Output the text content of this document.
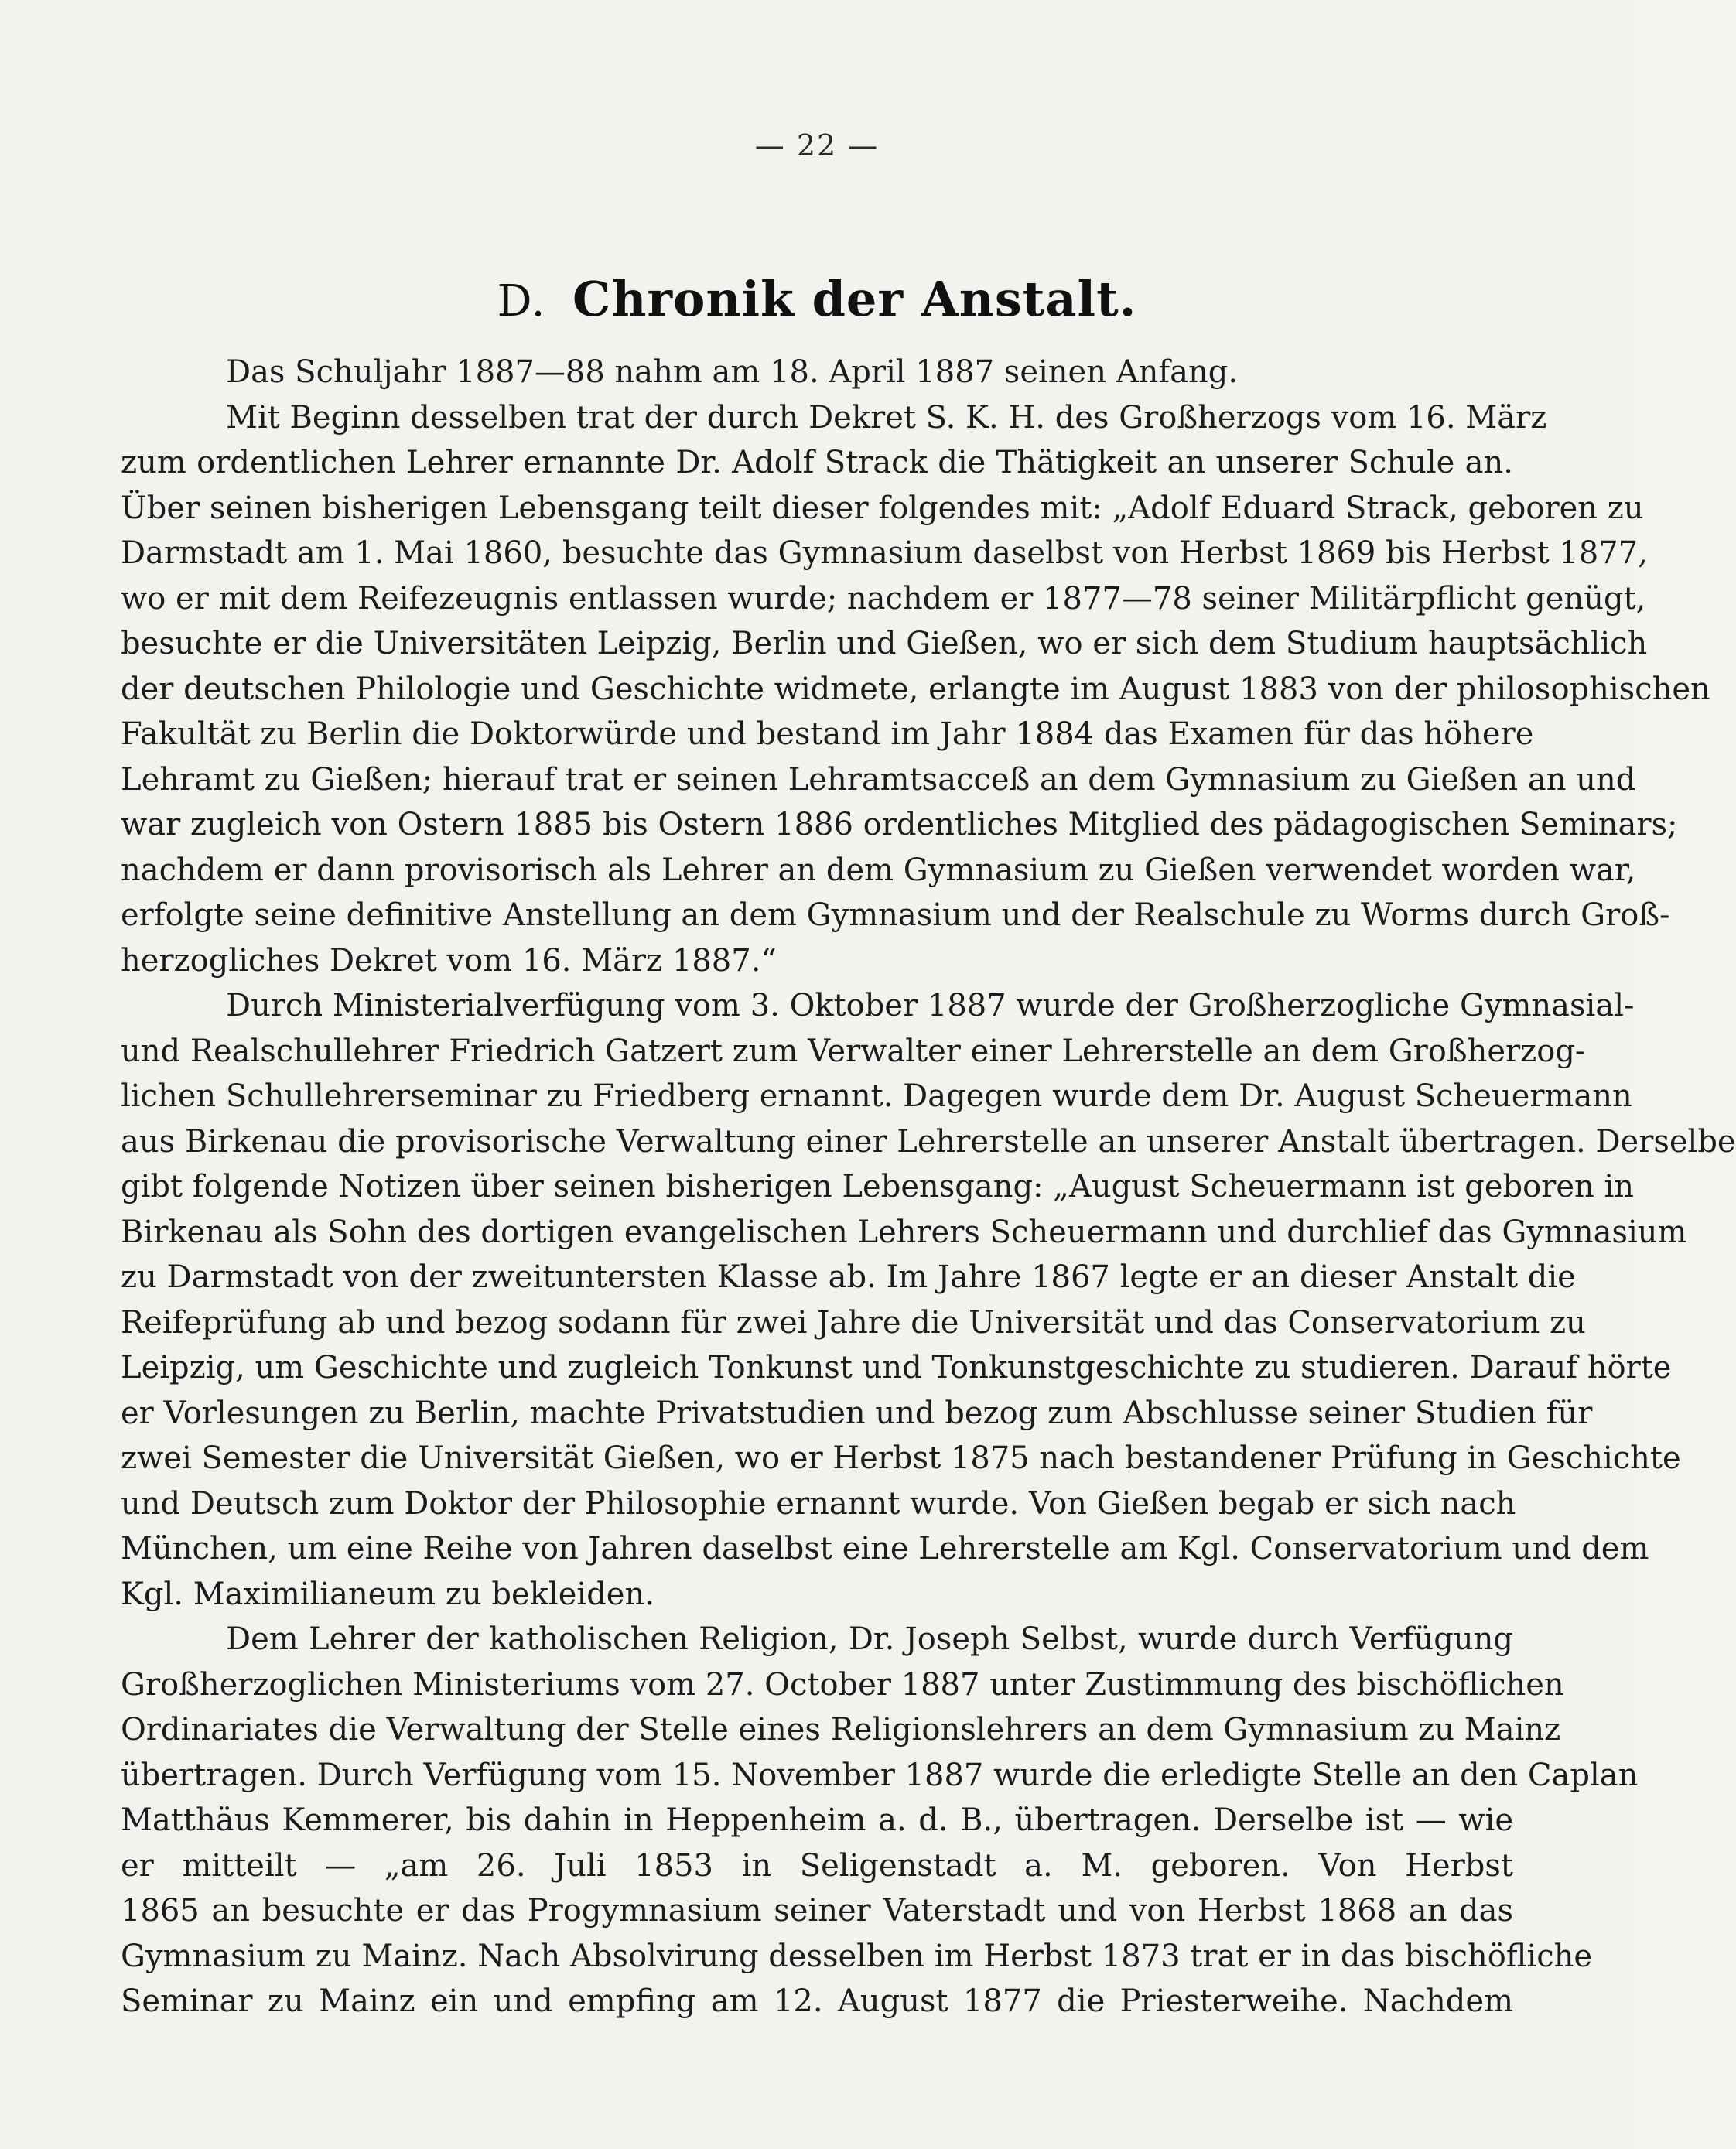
— 22 —
D. Chronik der Anstalt.
Das Schuljahr 1887—88 nahm am 18. April 1887 seinen Anfang.
Mit Beginn desselben trat der durch Dekret S. K. H. des Großherzogs vom 16. März
zum ordentlichen Lehrer ernannte Dr. Adolf Strack die Thätigkeit an unserer Schule an.
Über seinen bisherigen Lebensgang teilt dieser folgendes mit: „Adolf Eduard Strack, geboren zu
Darmstadt am 1. Mai 1860, besuchte das Gymnasium daselbst von Herbst 1869 bis Herbst 1877,
wo er mit dem Reifezeugnis entlassen wurde; nachdem er 1877—78 seiner Militärpflicht genügt,
besuchte er die Universitäten Leipzig, Berlin und Gießen, wo er sich dem Studium hauptsächlich
der deutschen Philologie und Geschichte widmete, erlangte im August 1883 von der philosophischen
Fakultät zu Berlin die Doktorwürde und bestand im Jahr 1884 das Examen für das höhere
Lehramt zu Gießen; hierauf trat er seinen Lehramtsacceß an dem Gymnasium zu Gießen an und
war zugleich von Ostern 1885 bis Ostern 1886 ordentliches Mitglied des pädagogischen Seminars;
nachdem er dann provisorisch als Lehrer an dem Gymnasium zu Gießen verwendet worden war,
erfolgte seine definitive Anstellung an dem Gymnasium und der Realschule zu Worms durch Groß-
herzogliches Dekret vom 16. März 1887.“
Durch Ministerialverfügung vom 3. Oktober 1887 wurde der Großherzogliche Gymnasial-
und Realschullehrer Friedrich Gatzert zum Verwalter einer Lehrerstelle an dem Großherzog-
lichen Schullehrerseminar zu Friedberg ernannt. Dagegen wurde dem Dr. August Scheuermann
aus Birkenau die provisorische Verwaltung einer Lehrerstelle an unserer Anstalt übertragen. Derselbe
gibt folgende Notizen über seinen bisherigen Lebensgang: „August Scheuermann ist geboren in
Birkenau als Sohn des dortigen evangelischen Lehrers Scheuermann und durchlief das Gymnasium
zu Darmstadt von der zweituntersten Klasse ab. Im Jahre 1867 legte er an dieser Anstalt die
Reifeprüfung ab und bezog sodann für zwei Jahre die Universität und das Conservatorium zu
Leipzig, um Geschichte und zugleich Tonkunst und Tonkunstgeschichte zu studieren. Darauf hörte
er Vorlesungen zu Berlin, machte Privatstudien und bezog zum Abschlusse seiner Studien für
zwei Semester die Universität Gießen, wo er Herbst 1875 nach bestandener Prüfung in Geschichte
und Deutsch zum Doktor der Philosophie ernannt wurde. Von Gießen begab er sich nach
München, um eine Reihe von Jahren daselbst eine Lehrerstelle am Kgl. Conservatorium und dem
Kgl. Maximilianeum zu bekleiden.
Dem Lehrer der katholischen Religion, Dr. Joseph Selbst, wurde durch Verfügung
Großherzoglichen Ministeriums vom 27. October 1887 unter Zustimmung des bischöflichen
Ordinariates die Verwaltung der Stelle eines Religionslehrers an dem Gymnasium zu Mainz
übertragen. Durch Verfügung vom 15. November 1887 wurde die erledigte Stelle an den Caplan
Matthäus Kemmerer, bis dahin in Heppenheim a. d. B., übertragen. Derselbe ist — wie
er mitteilt — „am 26. Juli 1853 in Seligenstadt a. M. geboren. Von Herbst
1865 an besuchte er das Progymnasium seiner Vaterstadt und von Herbst 1868 an das
Gymnasium zu Mainz. Nach Absolvirung desselben im Herbst 1873 trat er in das bischöfliche
Seminar zu Mainz ein und empfing am 12. August 1877 die Priesterweihe. Nachdem
